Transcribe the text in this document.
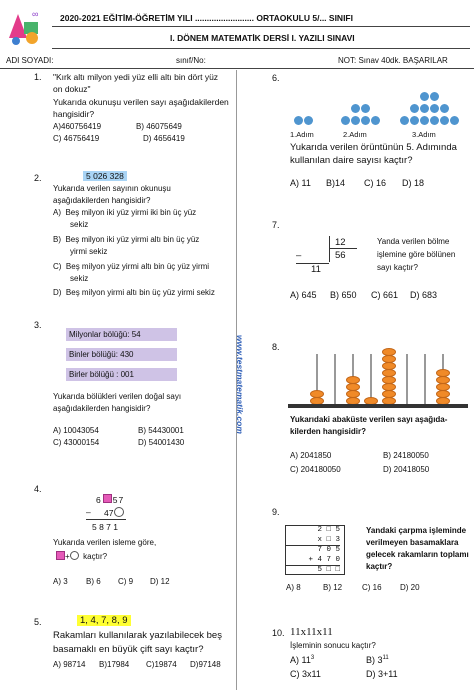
∞	2020-2021 EĞİTİM-ÖĞRETİM YILI ......................... ORTAOKULU 5/... SINIFI
I. DÖNEM MATEMATİK DERSİ I. YAZILI SINAVI
ADI SOYADI:	sınıf/No:	NOT: Sınav 40dk. BAŞARILAR
www.testmatematik.com
1. "Kırk altı milyon yedi yüz elli altı bin dört yüz
on dokuz"
Yukarıda okunuşu verilen sayı aşağıdakilerden
hangisidir?
A)460756419	B) 46075649
C) 46756419	D) 4656419
2.	5 026 328
Yukarıda verilen sayının okunuşu
aşağıdakilerden hangisidir?
A) Beş milyon iki yüz yirmi iki bin üç yüz
sekiz
B) Beş milyon iki yüz yirmi altı bin üç yüz
yirmi sekiz
C) Beş milyon yüz yirmi altı bin üç yüz yirmi
sekiz
D) Beş milyon yirmi altı bin üç yüz yirmi sekiz
3.
Milyonlar bölüğü: 54
Binler bölüğü: 430
Birler bölüğü : 001
Yukarıda bölükleri verilen doğal sayı
aşağıdakilerden hangisidir?
A) 10043054	B) 54430001
C) 43000154	D) 54001430
4.
6 57
– 47
5 8 7 1
Yukarıda verilen isleme göre,
+ kaçtır?
A) 3 B) 6 C) 9 D) 12
5.	1, 4, 7, 8, 9
Rakamları kullanılarak yazılabilecek beş
basamaklı en büyük çift sayı kaçtır?
A) 98714 B)17984 C)19874 D)97148
6.
1.Adım	2.Adım	3.Adım
Yukarıda verilen örüntünün 5. Adımında
kullanılan daire sayısı kaçtır?
A) 11 B)14 C) 16 D) 18
7.
12
56
–
11
Yanda verilen bölme
işlemine göre bölünen
sayı kaçtır?
A) 645 B) 650 C) 661 D) 683
8.
Yukarıdaki abaküste verilen sayı aşağıda-
kilerden hangisidir?
A) 2041850	B) 24180050
C) 204180050	D) 20418050
9.
2 □ 5
x □ 3
7 0 5
+ 4 7 0
5 □ □
Yandaki çarpma işleminde
verilmeyen basamaklara
gelecek rakamların toplamı
kaçtır?
A) 8	B) 12 C) 16 D) 20
10. 11x11x11
İşleminin sonucu kaçtır?
A) $11^3$	B) $3^{11}$
C) 3x11	D) 3+11
